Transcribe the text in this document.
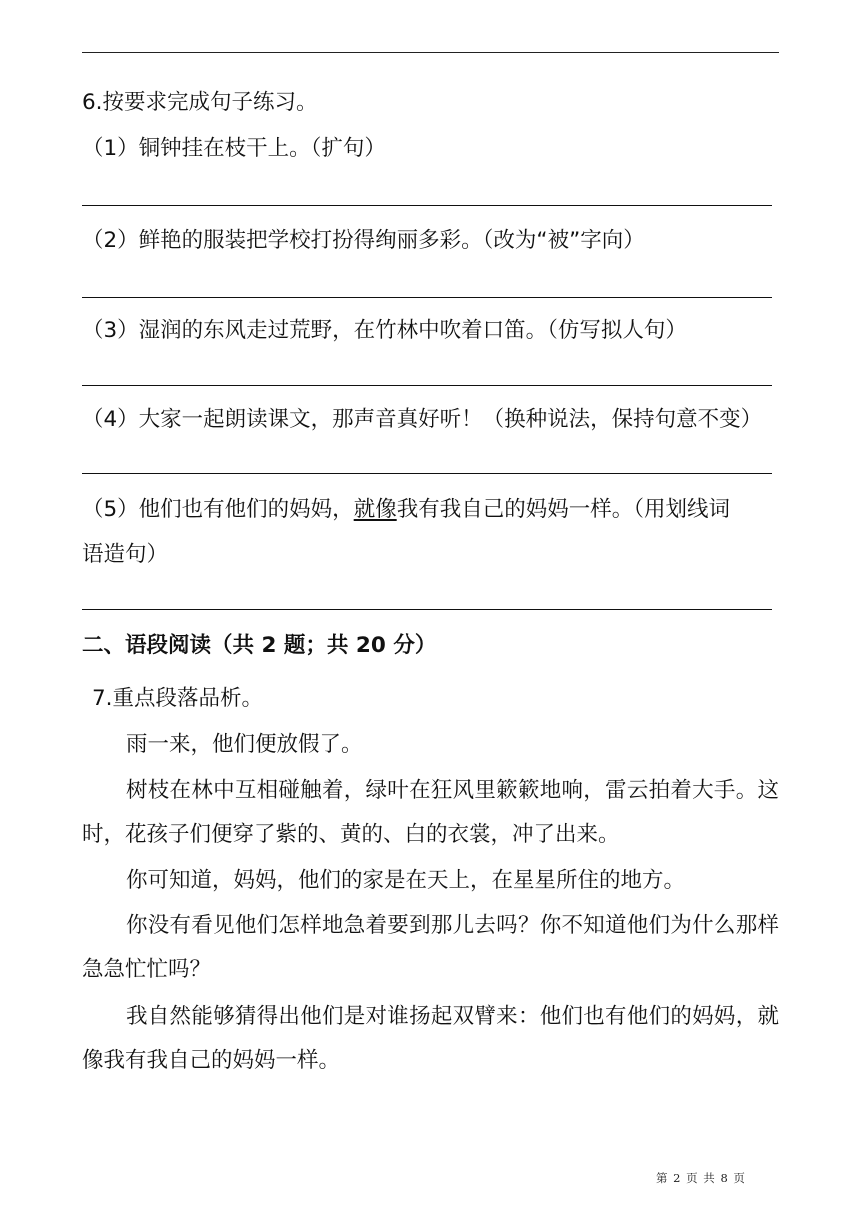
6.按要求完成句子练习。

（1）铜钟挂在枝干上。（扩句）

（2）鲜艳的服装把学校打扮得绚丽多彩。（改为“被”字向）

（3）湿润的东风走过荒野，在竹林中吹着口笛。（仿写拟人句）

（4）大家一起朗读课文，那声音真好听！（换种说法，保持句意不变）

（5）他们也有他们的妈妈，就像我有我自己的妈妈一样。（用划线词

语造句）

二、语段阅读（共 2 题；共 20 分）

7.重点段落品析。

雨一来，他们便放假了。

树枝在林中互相碰触着，绿叶在狂风里簌簌地响，雷云拍着大手。这时，花孩子们便穿了紫的、黄的、白的衣裳，冲了出来。

你可知道，妈妈，他们的家是在天上，在星星所住的地方。

你没有看见他们怎样地急着要到那儿去吗？你不知道他们为什么那样急急忙忙吗？

我自然能够猜得出他们是对谁扬起双臂来：他们也有他们的妈妈，就像我有我自己的妈妈一样。

第 2 页 共 8 页
